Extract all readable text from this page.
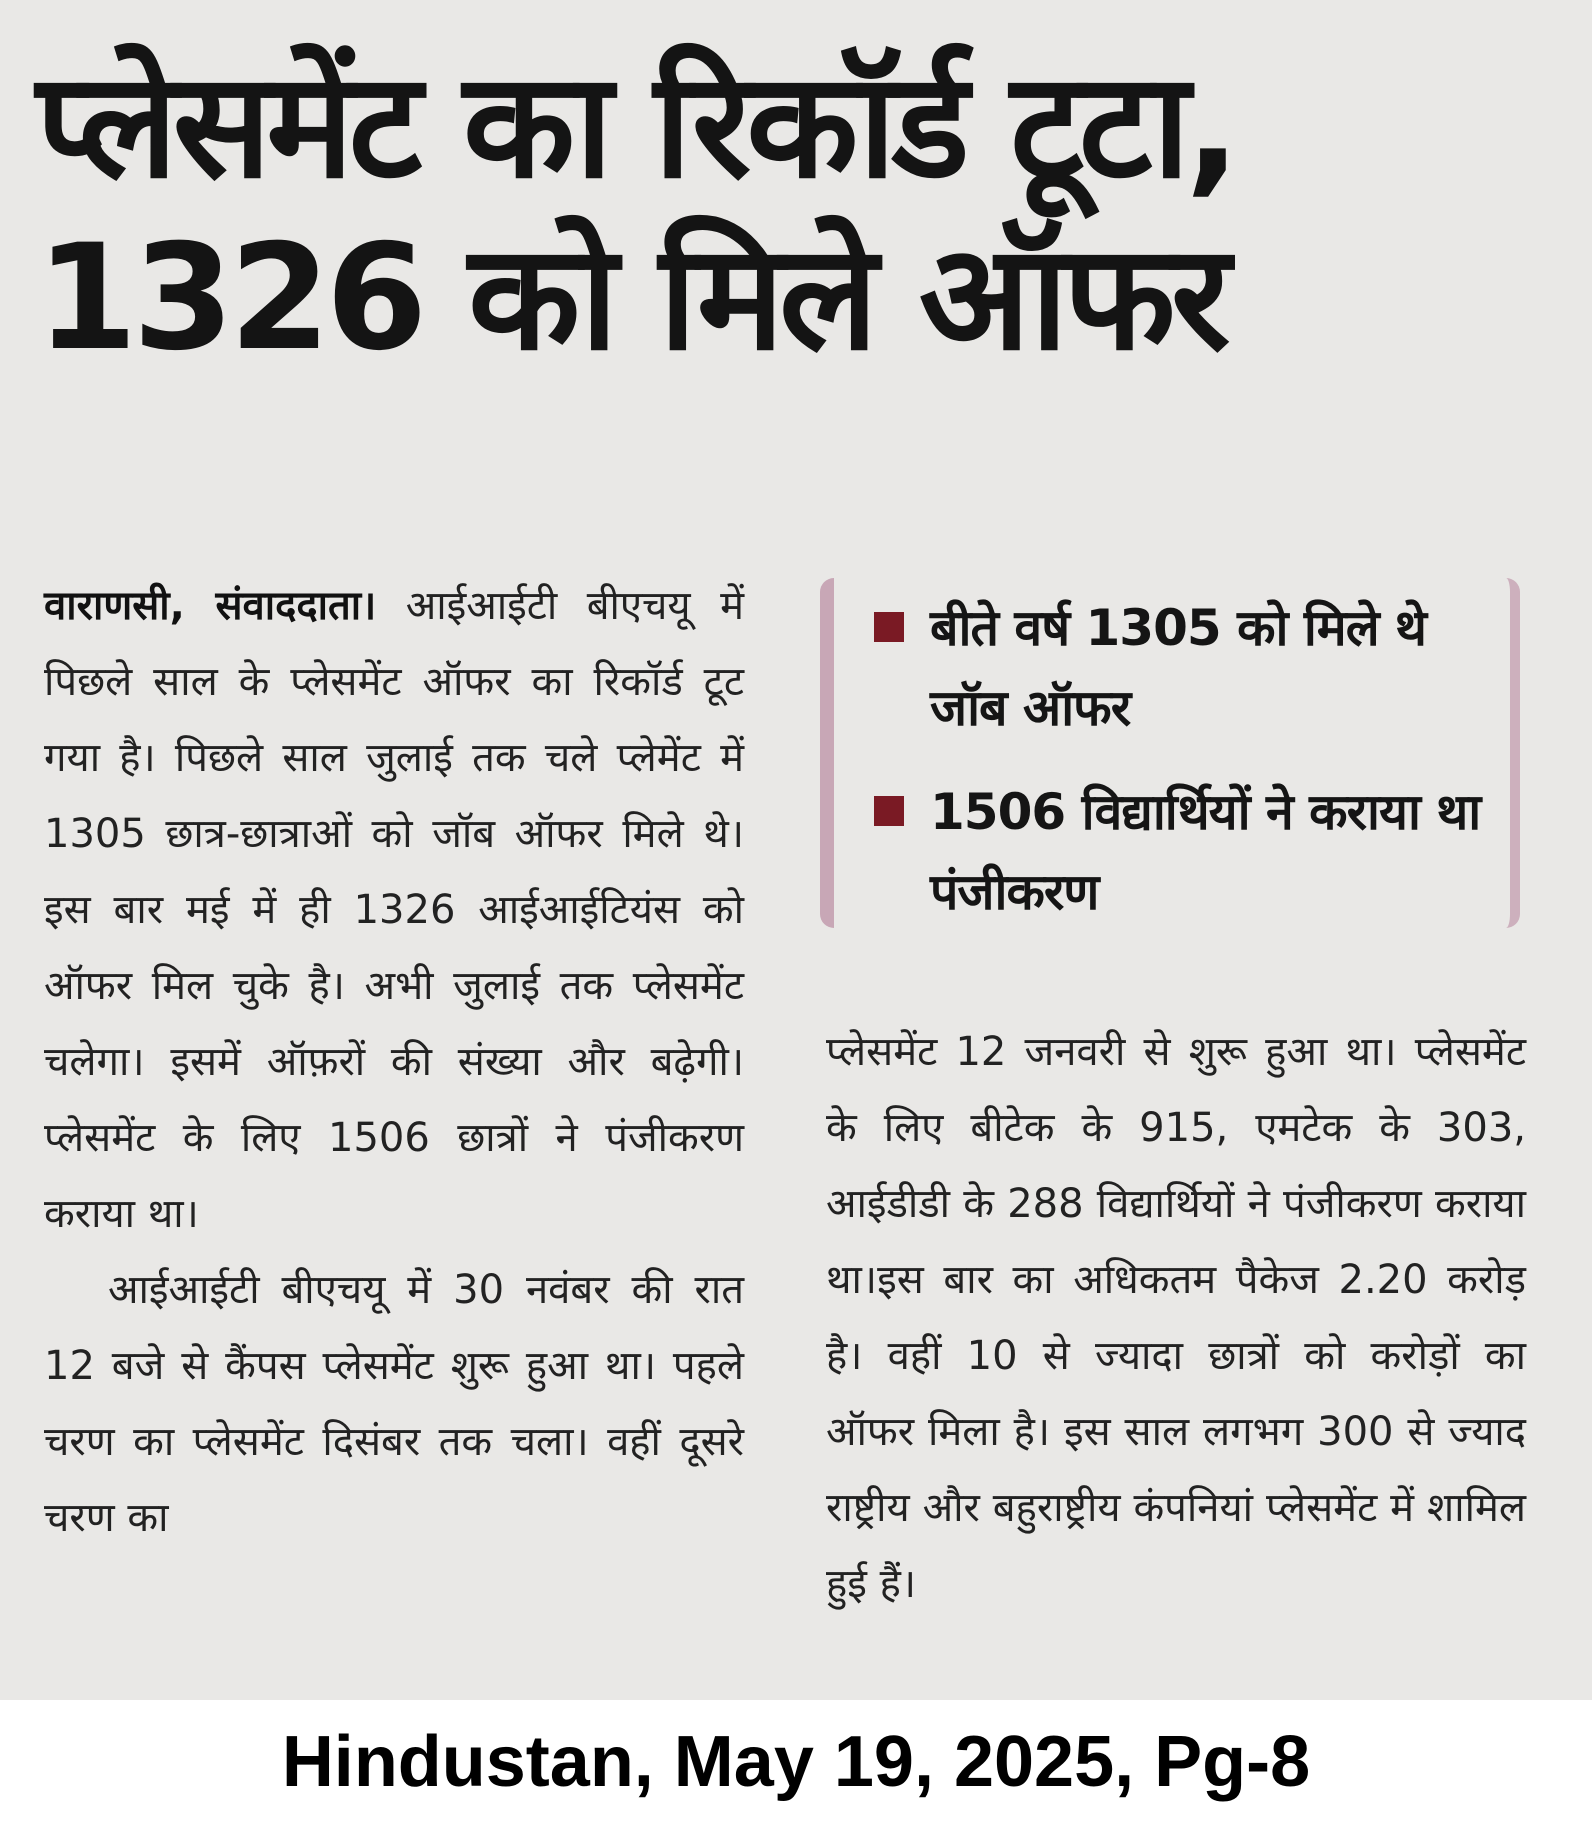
प्लेसमेंट का रिकॉर्ड टूटा,
1326 को मिले ऑफर

वाराणसी, संवाददाता। आईआईटी बीएचयू में पिछले साल के प्लेसमेंट ऑफर का रिकॉर्ड टूट गया है। पिछले साल जुलाई तक चले प्लेमेंट में 1305 छात्र-छात्राओं को जॉब ऑफर मिले थे। इस बार मई में ही 1326 आईआईटियंस को ऑफर मिल चुके है। अभी जुलाई तक प्लेसमेंट चलेगा। इसमें ऑफ़रों की संख्या और बढ़ेगी। प्लेसमेंट के लिए 1506 छात्रों ने पंजीकरण कराया था।

आईआईटी बीएचयू में 30 नवंबर की रात 12 बजे से कैंपस प्लेसमेंट शुरू हुआ था। पहले चरण का प्लेसमेंट दिसंबर तक चला। वहीं दूसरे चरण का

बीते वर्ष 1305 को मिले थे जॉब ऑफर
1506 विद्यार्थियों ने कराया था पंजीकरण

प्लेसमेंट 12 जनवरी से शुरू हुआ था। प्लेसमेंट के लिए बीटेक के 915, एमटेक के 303, आईडीडी के 288 विद्यार्थियों ने पंजीकरण कराया था।इस बार का अधिकतम पैकेज 2.20 करोड़ है। वहीं 10 से ज्यादा छात्रों को करोड़ों का ऑफर मिला है। इस साल लगभग 300 से ज्याद राष्ट्रीय और बहुराष्ट्रीय कंपनियां प्लेसमेंट में शामिल हुई हैं।

Hindustan, May 19, 2025, Pg-8
